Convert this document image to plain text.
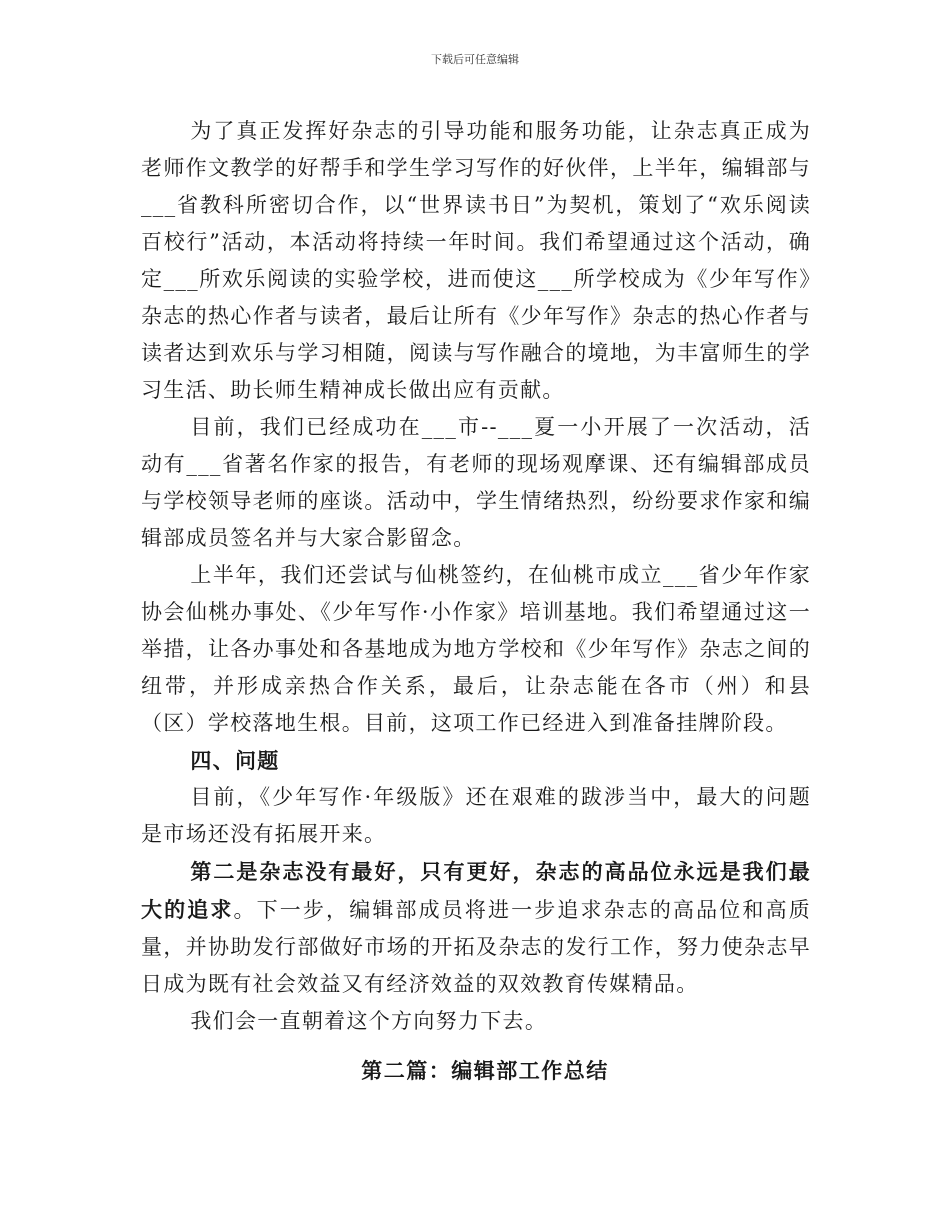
下载后可任意编辑

为了真正发挥好杂志的引导功能和服务功能，让杂志真正成为老师作文教学的好帮手和学生学习写作的好伙伴，上半年，编辑部与___省教科所密切合作，以“世界读书日”为契机，策划了“欢乐阅读百校行”活动，本活动将持续一年时间。我们希望通过这个活动，确定___所欢乐阅读的实验学校，进而使这___所学校成为《少年写作》杂志的热心作者与读者，最后让所有《少年写作》杂志的热心作者与读者达到欢乐与学习相随，阅读与写作融合的境地，为丰富师生的学习生活、助长师生精神成长做出应有贡献。

目前，我们已经成功在___市--___夏一小开展了一次活动，活动有___省著名作家的报告，有老师的现场观摩课、还有编辑部成员与学校领导老师的座谈。活动中，学生情绪热烈，纷纷要求作家和编辑部成员签名并与大家合影留念。

上半年，我们还尝试与仙桃签约，在仙桃市成立___省少年作家协会仙桃办事处、《少年写作·小作家》培训基地。我们希望通过这一举措，让各办事处和各基地成为地方学校和《少年写作》杂志之间的纽带，并形成亲热合作关系，最后，让杂志能在各市（州）和县（区）学校落地生根。目前，这项工作已经进入到准备挂牌阶段。

四、问题

目前，《少年写作·年级版》还在艰难的跋涉当中，最大的问题是市场还没有拓展开来。

第二是杂志没有最好，只有更好，杂志的高品位永远是我们最大的追求。下一步，编辑部成员将进一步追求杂志的高品位和高质量，并协助发行部做好市场的开拓及杂志的发行工作，努力使杂志早日成为既有社会效益又有经济效益的双效教育传媒精品。

我们会一直朝着这个方向努力下去。

第二篇：编辑部工作总结
